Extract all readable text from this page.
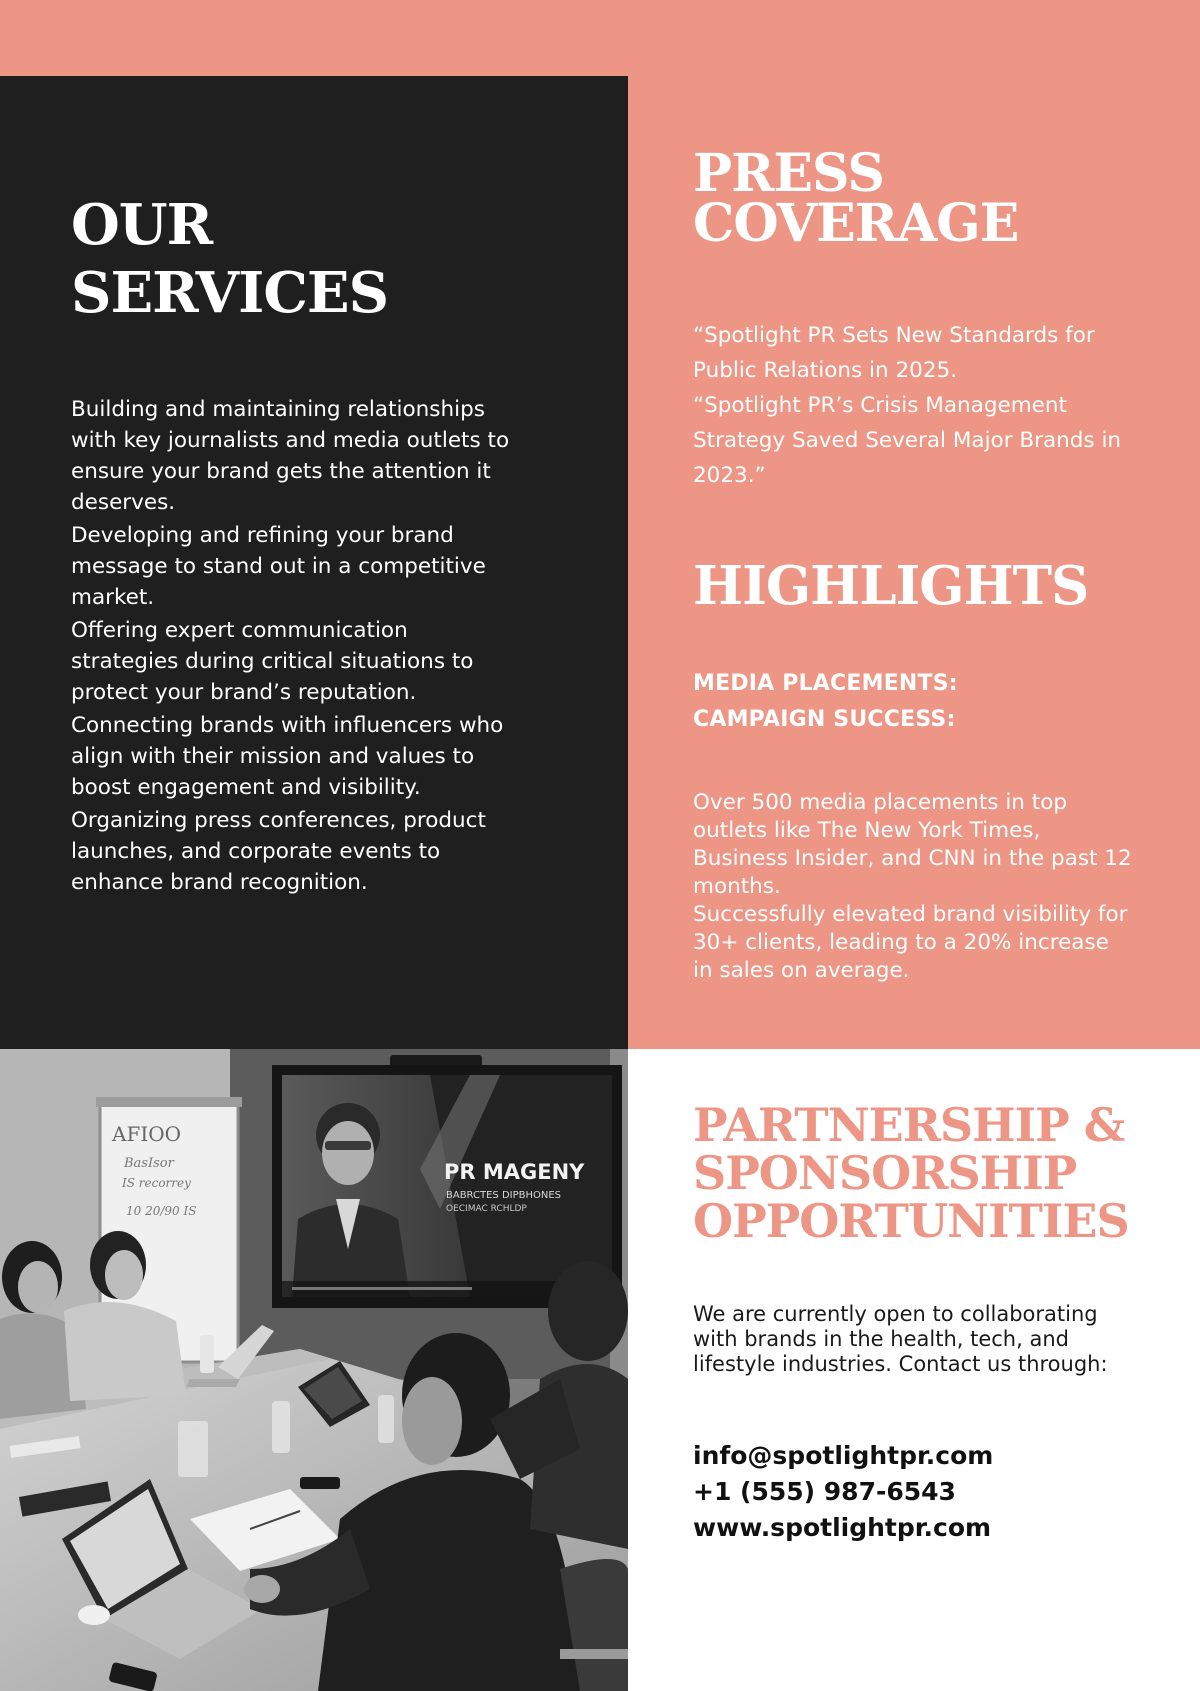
OUR
SERVICES

Building and maintaining relationships with key journalists and media outlets to ensure your brand gets the attention it deserves.

Developing and refining your brand message to stand out in a competitive market.

Offering expert communication strategies during critical situations to protect your brand’s reputation.

Connecting brands with influencers who align with their mission and values to boost engagement and visibility.

Organizing press conferences, product launches, and corporate events to enhance brand recognition.

PRESS
COVERAGE

“Spotlight PR Sets New Standards for Public Relations in 2025.

“Spotlight PR’s Crisis Management Strategy Saved Several Major Brands in 2023.”

HIGHLIGHTS

MEDIA PLACEMENTS:

CAMPAIGN SUCCESS:

Over 500 media placements in top outlets like The New York Times, Business Insider, and CNN in the past 12 months.

Successfully elevated brand visibility for 30+ clients, leading to a 20% increase in sales on average.

AFIOO
BasIsor
IS recorrey
10 20/90 IS
PR MAGENY
BABRCTES DIPBHONES
OECIMAC RCHLDP
PARTNERSHIP &
SPONSORSHIP
OPPORTUNITIES

We are currently open to collaborating with brands in the health, tech, and lifestyle industries. Contact us through:

info@spotlightpr.com

+1 (555) 987-6543

www.spotlightpr.com
